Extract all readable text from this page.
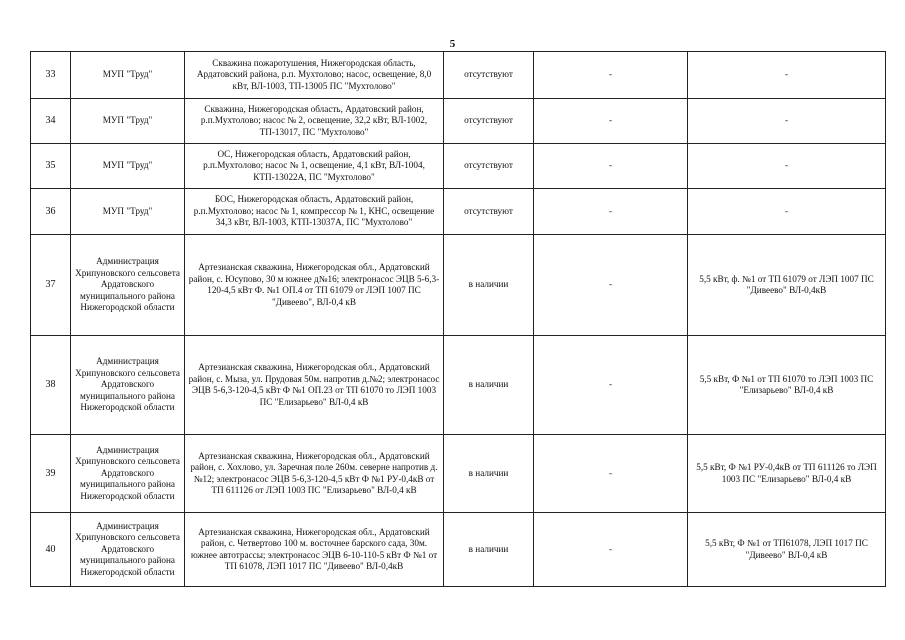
5
33	МУП "Труд"	Скважина пожаротушения, Нижегородская область, Ардатовский района, р.п. Мухтолово; насос, освещение, 8,0 кВт, ВЛ-1003, ТП-13005 ПС "Мухтолово"	отсутствуют	-	-
34	МУП "Труд"	Скважина, Нижегородская область, Ардатовский район, р.п.Мухтолово; насос № 2, освещение, 32,2 кВт, ВЛ-1002, ТП-13017, ПС "Мухтолово"	отсутствуют	-	-
35	МУП "Труд"	ОС, Нижегородская область, Ардатовский район, р.п.Мухтолово; насос № 1, освещение, 4,1 кВт, ВЛ-1004, КТП-13022А, ПС "Мухтолово"	отсутствуют	-	-
36	МУП "Труд"	БОС, Нижегородская область, Ардатовский район, р.п.Мухтолово; насос № 1, компрессор № 1, КНС, освещение 34,3 кВт, ВЛ-1003, КТП-13037А, ПС "Мухтолово"	отсутствуют	-	-
37	Администрация Хрипуновского сельсовета Ардатовского муниципального района Нижегородской области	Артезианская скважина, Нижегородская обл., Ардатовский район, с. Юсупово, 30 м южнее д№16; электронасос ЭЦВ 5-6,3-120-4,5 кВт Ф. №1 ОП.4 от ТП 61079 от ЛЭП 1007 ПС "Дивеево", ВЛ-0,4 кВ	в наличии	-	5,5 кВт, ф. №1 от ТП 61079 от ЛЭП 1007 ПС "Дивеево" ВЛ-0,4кВ
38	Администрация Хрипуновского сельсовета Ардатовского муниципального района Нижегородской области	Артезианская скважина, Нижегородская обл., Ардатовский район, с. Мыза, ул. Прудовая 50м. напротив д.№2; электронасос ЭЦВ 5-6,3-120-4,5 кВт Ф №1 ОП.23 от ТП 61070 то ЛЭП 1003 ПС "Елизарьево" ВЛ-0,4 кВ	в наличии	-	5,5 кВт, Ф №1 от ТП 61070 то ЛЭП 1003 ПС "Елизарьево" ВЛ-0,4 кВ
39	Администрация Хрипуновского сельсовета Ардатовского муниципального района Нижегородской области	Артезианская скважина, Нижегородская обл., Ардатовский район, с. Хохлово, ул. Заречная поле 260м. северне напротив д.№12; электронасос ЭЦВ 5-6,3-120-4,5 кВт Ф №1 РУ-0,4кВ от ТП 611126 от ЛЭП 1003 ПС "Елизарьево" ВЛ-0,4 кВ	в наличии	-	5,5 кВт, Ф №1 РУ-0,4кВ от ТП 611126 то ЛЭП 1003 ПС "Елизарьево" ВЛ-0,4 кВ
40	Администрация Хрипуновского сельсовета Ардатовского муниципального района Нижегородской области	Артезианская скважина, Нижегородская обл., Ардатовский район, с. Четвертово 100 м. восточнее барского сада, 30м. южнее автотрассы; электронасос ЭЦВ 6-10-110-5 кВт Ф №1 от ТП 61078, ЛЭП 1017 ПС "Дивеево" ВЛ-0,4кВ	в наличии	-	5,5 кВт, Ф №1 от ТП61078, ЛЭП 1017 ПС "Дивеево" ВЛ-0,4 кВ
